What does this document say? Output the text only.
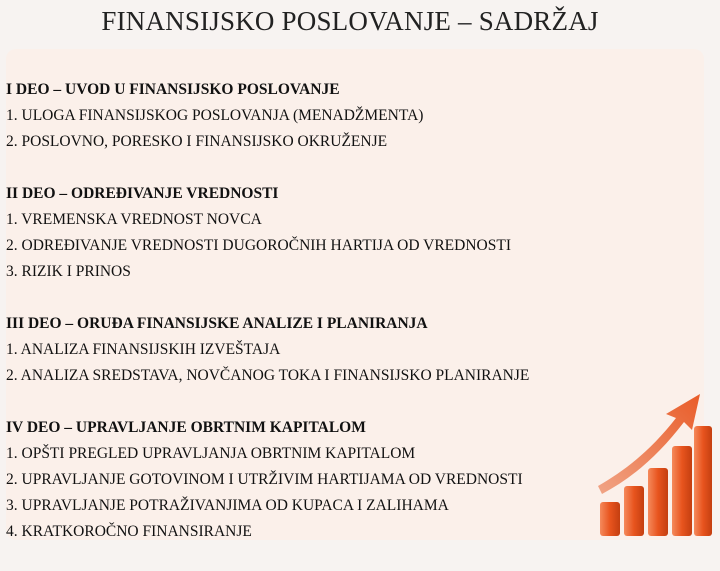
FINANSIJSKO POSLOVANJE – SADRŽAJ
I DEO – UVOD U FINANSIJSKO POSLOVANJE
1. ULOGA FINANSIJSKOG POSLOVANJA (MENADŽMENTA)
2. POSLOVNO, PORESKO I FINANSIJSKO OKRUŽENJE
II DEO – ODREĐIVANJE VREDNOSTI
1. VREMENSKA VREDNOST NOVCA
2. ODREĐIVANJE VREDNOSTI DUGOROČNIH HARTIJA OD VREDNOSTI
3. RIZIK I PRINOS
III DEO – ORUĐA FINANSIJSKE ANALIZE I PLANIRANJA
1. ANALIZA FINANSIJSKIH IZVEŠTAJA
2. ANALIZA SREDSTAVA, NOVČANOG TOKA I FINANSIJSKO PLANIRANJE
IV DEO – UPRAVLJANJE OBRTNIM KAPITALOM
1. OPŠTI PREGLED UPRAVLJANJA OBRTNIM KAPITALOM
2. UPRAVLJANJE GOTOVINOM I UTRŽIVIM HARTIJAMA OD VREDNOSTI
3. UPRAVLJANJE POTRAŽIVANJIMA OD KUPACA I ZALIHAMA
4. KRATKOROČNO FINANSIRANJE
